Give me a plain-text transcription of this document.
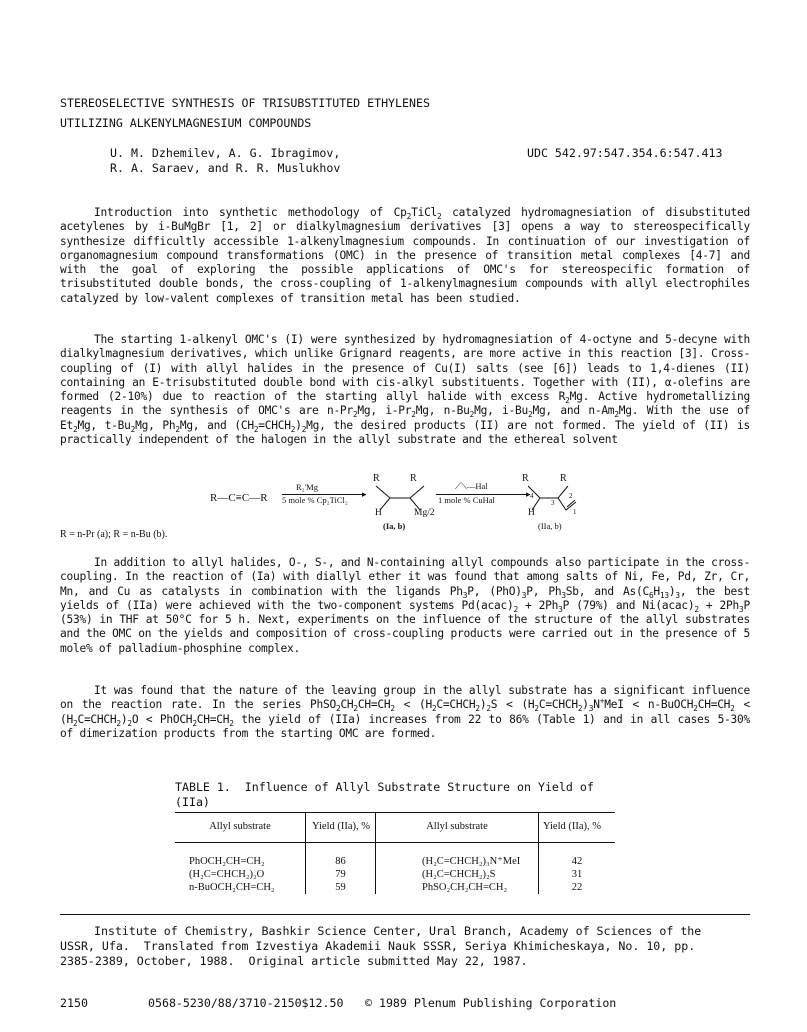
STEREOSELECTIVE SYNTHESIS OF TRISUBSTITUTED ETHYLENES
UTILIZING ALKENYLMAGNESIUM COMPOUNDS
U. M. Dzhemilev, A. G. Ibragimov,
R. A. Saraev, and R. R. Muslukhov
UDC 542.97:547.354.6:547.413

Introduction into synthetic methodology of $Cp_2TiCl_2$ catalyzed hydromagnesiation of disubstituted acetylenes by i-BuMgBr [1, 2] or dialkylmagnesium derivatives [3] opens a way to stereospecifically synthesize difficultly accessible 1-alkenylmagnesium compounds. In continuation of our investigation of organomagnesium compound transformations (OMC) in the presence of transition metal complexes [4-7] and with the goal of exploring the possible applications of OMC's for stereospecific formation of trisubstituted double bonds, the cross-coupling of 1-alkenylmagnesium compounds with allyl electrophiles catalyzed by low-valent complexes of transition metal has been studied.

The starting 1-alkenyl OMC's (I) were synthesized by hydromagnesiation of 4-octyne and 5-decyne with dialkylmagnesium derivatives, which unlike Grignard reagents, are more active in this reaction [3]. Cross-coupling of (I) with allyl halides in the presence of Cu(I) salts (see [6]) leads to 1,4-dienes (II) containing an E-trisubstituted double bond with cis-alkyl substituents. Together with (II), α-olefins are formed (2-10%) due to reaction of the starting allyl halide with excess $R_2Mg$. Active hydrometallizing reagents in the synthesis of OMC's are $n-Pr_2Mg$, $i-Pr_2Mg$, $n-Bu_2Mg$, $i-Bu_2Mg$, and $n-Am_2Mg$. With the use of $Et_2Mg$, $t-Bu_2Mg$, $Ph_2Mg$, and $(CH_2=CHCH_2)_2Mg$, the desired products (II) are not formed. The yield of (II) is practically independent of the halogen in the allyl substrate and the ethereal solvent

R—C≡C—R
R₂'Mg
▸
5 mole % Cp₂TiCl₂
R	R
H	Mg/2
(Ia, b)
⟋⟍—Hal
▸
1 mole % CuHal
R	R
H
2
3
1
4
(IIa, b)
R = n-Pr (a); R = n-Bu (b).

In addition to allyl halides, O-, S-, and N-containing allyl compounds also participate in the cross-coupling. In the reaction of (Ia) with diallyl ether it was found that among salts of Ni, Fe, Pd, Zr, Cr, Mn, and Cu as catalysts in combination with the ligands $Ph_3P$, $(PhO)_3P$, $Ph_3Sb$, and $As(C_6H_{13})_3$, the best yields of (IIa) were achieved with the two-component systems $Pd(acac)_2 + 2Ph_3P$ (79%) and $Ni(acac)_2 + 2Ph_3P$ (53%) in THF at 50°C for 5 h. Next, experiments on the influence of the structure of the allyl substrates and the OMC on the yields and composition of cross-coupling products were carried out in the presence of 5 mole% of palladium-phosphine complex.

It was found that the nature of the leaving group in the allyl substrate has a significant influence on the reaction rate. In the series $PhSO_2CH_2CH=CH_2$ < $(H_2C=CHCH_2)_2S$ < $(H_2C=CHCH_2)_3N^+MeI$ < $n-BuOCH_2CH=CH_2$ < $(H_2C=CHCH_2)_2O$ < $PhOCH_2CH=CH_2$ the yield of (IIa) increases from 22 to 86% (Table 1) and in all cases 5-30% of dimerization products from the starting OMC are formed.

TABLE 1.  Influence of Allyl Substrate Structure on Yield of
(IIa)
Allyl substrate	Yield (IIa), %	Allyl substrate	Yield (IIa), %

PhOCH₂CH=CH₂	86	(H₂C=CHCH₂)₃N⁺MeI	42
(H₂C=CHCH₂)₂O	79	(H₂C=CHCH₂)₂S	31
n-BuOCH₂CH=CH₂	59	PhSO₂CH₂CH=CH₂	22
Institute of Chemistry, Bashkir Science Center, Ural Branch, Academy of Sciences of the
USSR, Ufa.  Translated from Izvestiya Akademii Nauk SSSR, Seriya Khimicheskaya, No. 10, pp.
2385-2389, October, 1988.  Original article submitted May 22, 1987.
2150	0568-5230/88/3710-2150$12.50 © 1989 Plenum Publishing Corporation
